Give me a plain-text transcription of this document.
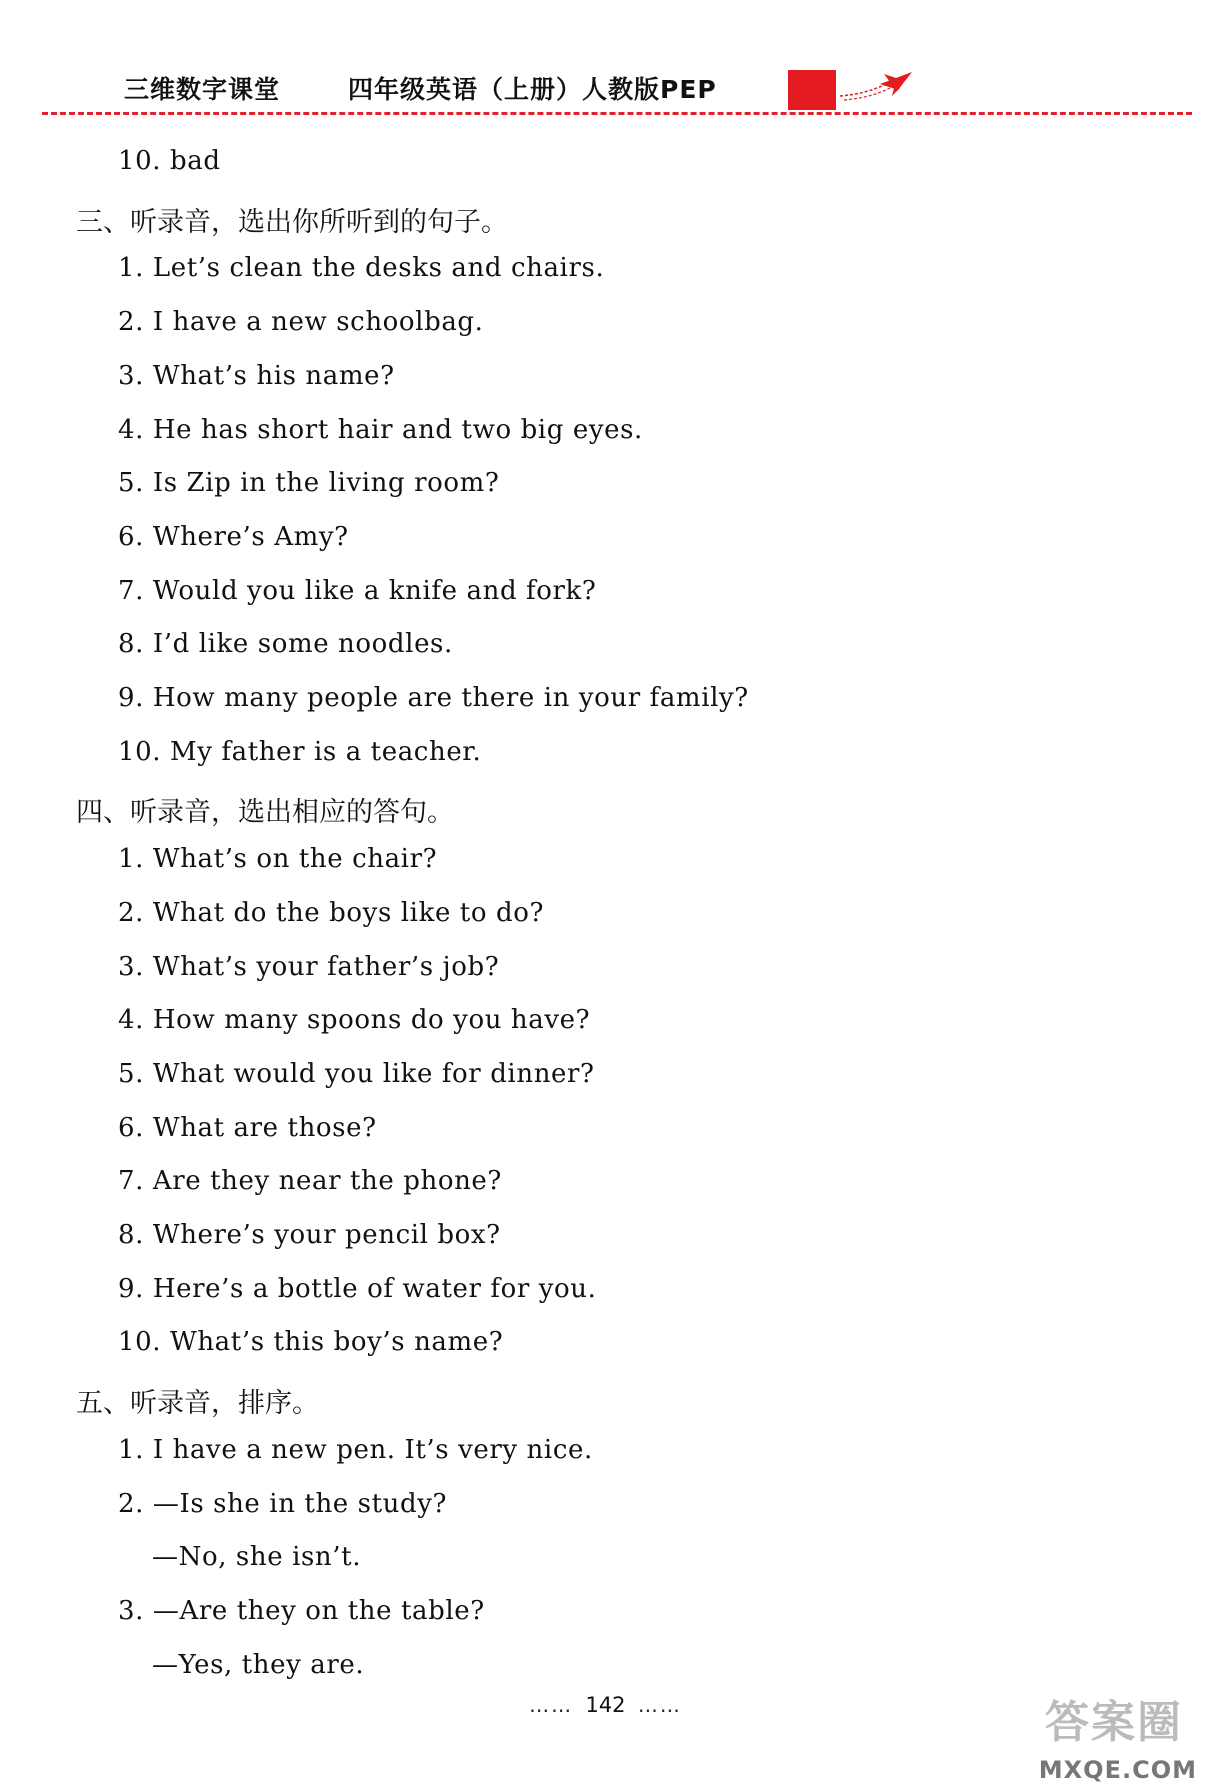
三维数字课堂	四年级英语（上册）人教版PEP
10. bad
三、听录音，选出你所听到的句子。
1. Let’s clean the desks and chairs.
2. I have a new schoolbag.
3. What’s his name?
4. He has short hair and two big eyes.
5. Is Zip in the living room?
6. Where’s Amy?
7. Would you like a knife and fork?
8. I’d like some noodles.
9. How many people are there in your family?
10. My father is a teacher.
四、听录音，选出相应的答句。
1. What’s on the chair?
2. What do the boys like to do?
3. What’s your father’s job?
4. How many spoons do you have?
5. What would you like for dinner?
6. What are those?
7. Are they near the phone?
8. Where’s your pencil box?
9. Here’s a bottle of water for you.
10. What’s this boy’s name?
五、听录音，排序。
1. I have a new pen. It’s very nice.
2. —Is she in the study?
—No, she isn’t.
3. —Are they on the table?
—Yes, they are.
…… 142 ……	答案圈
MXQE.COM
